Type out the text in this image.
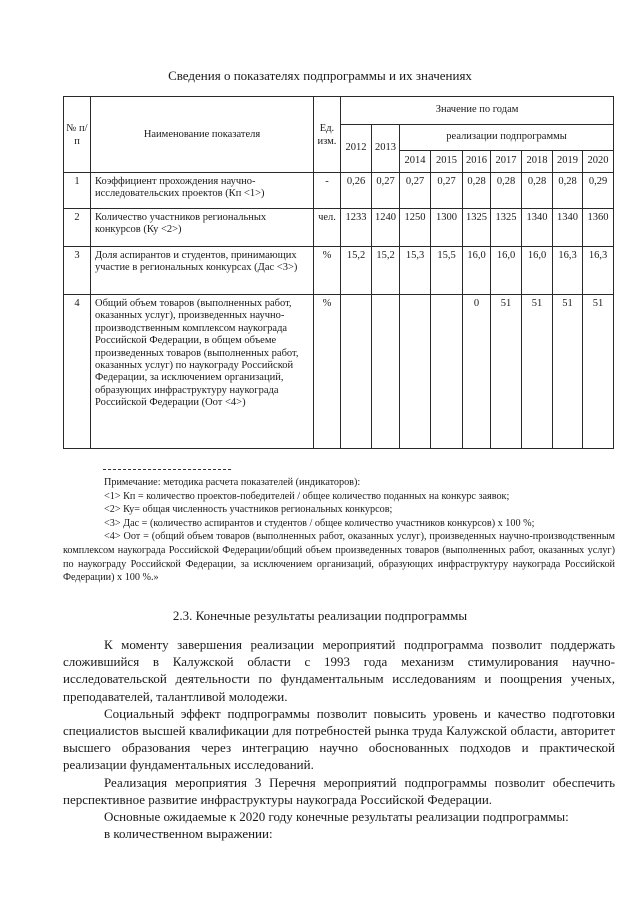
Сведения о показателях подпрограммы и их значениях
№ п/п	Наименование показателя	Ед. изм.	Значение по годам								
			2012	2013	реализации подпрограммы						
					2014	2015	2016	2017	2018	2019	2020
1	Коэффициент прохождения научно-исследовательских проектов (Кп <1>)	-	0,26	0,27	0,27	0,27	0,28	0,28	0,28	0,28	0,29
2	Количество участников региональных конкурсов (Ку <2>)	чел.	1233	1240	1250	1300	1325	1325	1340	1340	1360
3	Доля аспирантов и студентов, принимающих участие в региональных конкурсах (Дас <3>)	%	15,2	15,2	15,3	15,5	16,0	16,0	16,0	16,3	16,3
4	Общий объем товаров (выполненных работ, оказанных услуг), произведенных научно-производственным комплексом наукограда Российской Федерации, в общем объеме произведенных товаров (выполненных работ, оказанных услуг) по наукограду Российской Федерации, за исключением организаций, образующих инфраструктуру наукограда Российской Федерации (Оот <4>)	%					0	51	51	51	51

Примечание: методика расчета показателей (индикаторов):

<1> Кп = количество проектов-победителей / общее количество поданных на конкурс заявок;

<2> Ку= общая численность участников региональных конкурсов;

<3> Дас = (количество аспирантов и студентов / общее количество участников конкурсов) х 100 %;

<4> Оот = (общий объем товаров (выполненных работ, оказанных услуг), произведенных научно-производственным комплексом наукограда Российской Федерации/общий объем произведенных товаров (выполненных работ, оказанных услуг) по наукограду Российской Федерации, за исключением организаций, образующих инфраструктуру наукограда Российской Федерации) х 100 %.»

2.3. Конечные результаты реализации подпрограммы

К моменту завершения реализации мероприятий подпрограмма позволит поддержать сложившийся в Калужской области с 1993 года механизм стимулирования научно-исследовательской деятельности по фундаментальным исследованиям и поощрения ученых, преподавателей, талантливой молодежи.

Социальный эффект подпрограммы позволит повысить уровень и качество подготовки специалистов высшей квалификации для потребностей рынка труда Калужской области, авторитет высшего образования через интеграцию научно обоснованных подходов и практической реализации фундаментальных исследований.

Реализация мероприятия 3 Перечня мероприятий подпрограммы позволит обеспечить перспективное развитие инфраструктуры наукограда Российской Федерации.

Основные ожидаемые к 2020 году конечные результаты реализации подпрограммы:

в количественном выражении:
